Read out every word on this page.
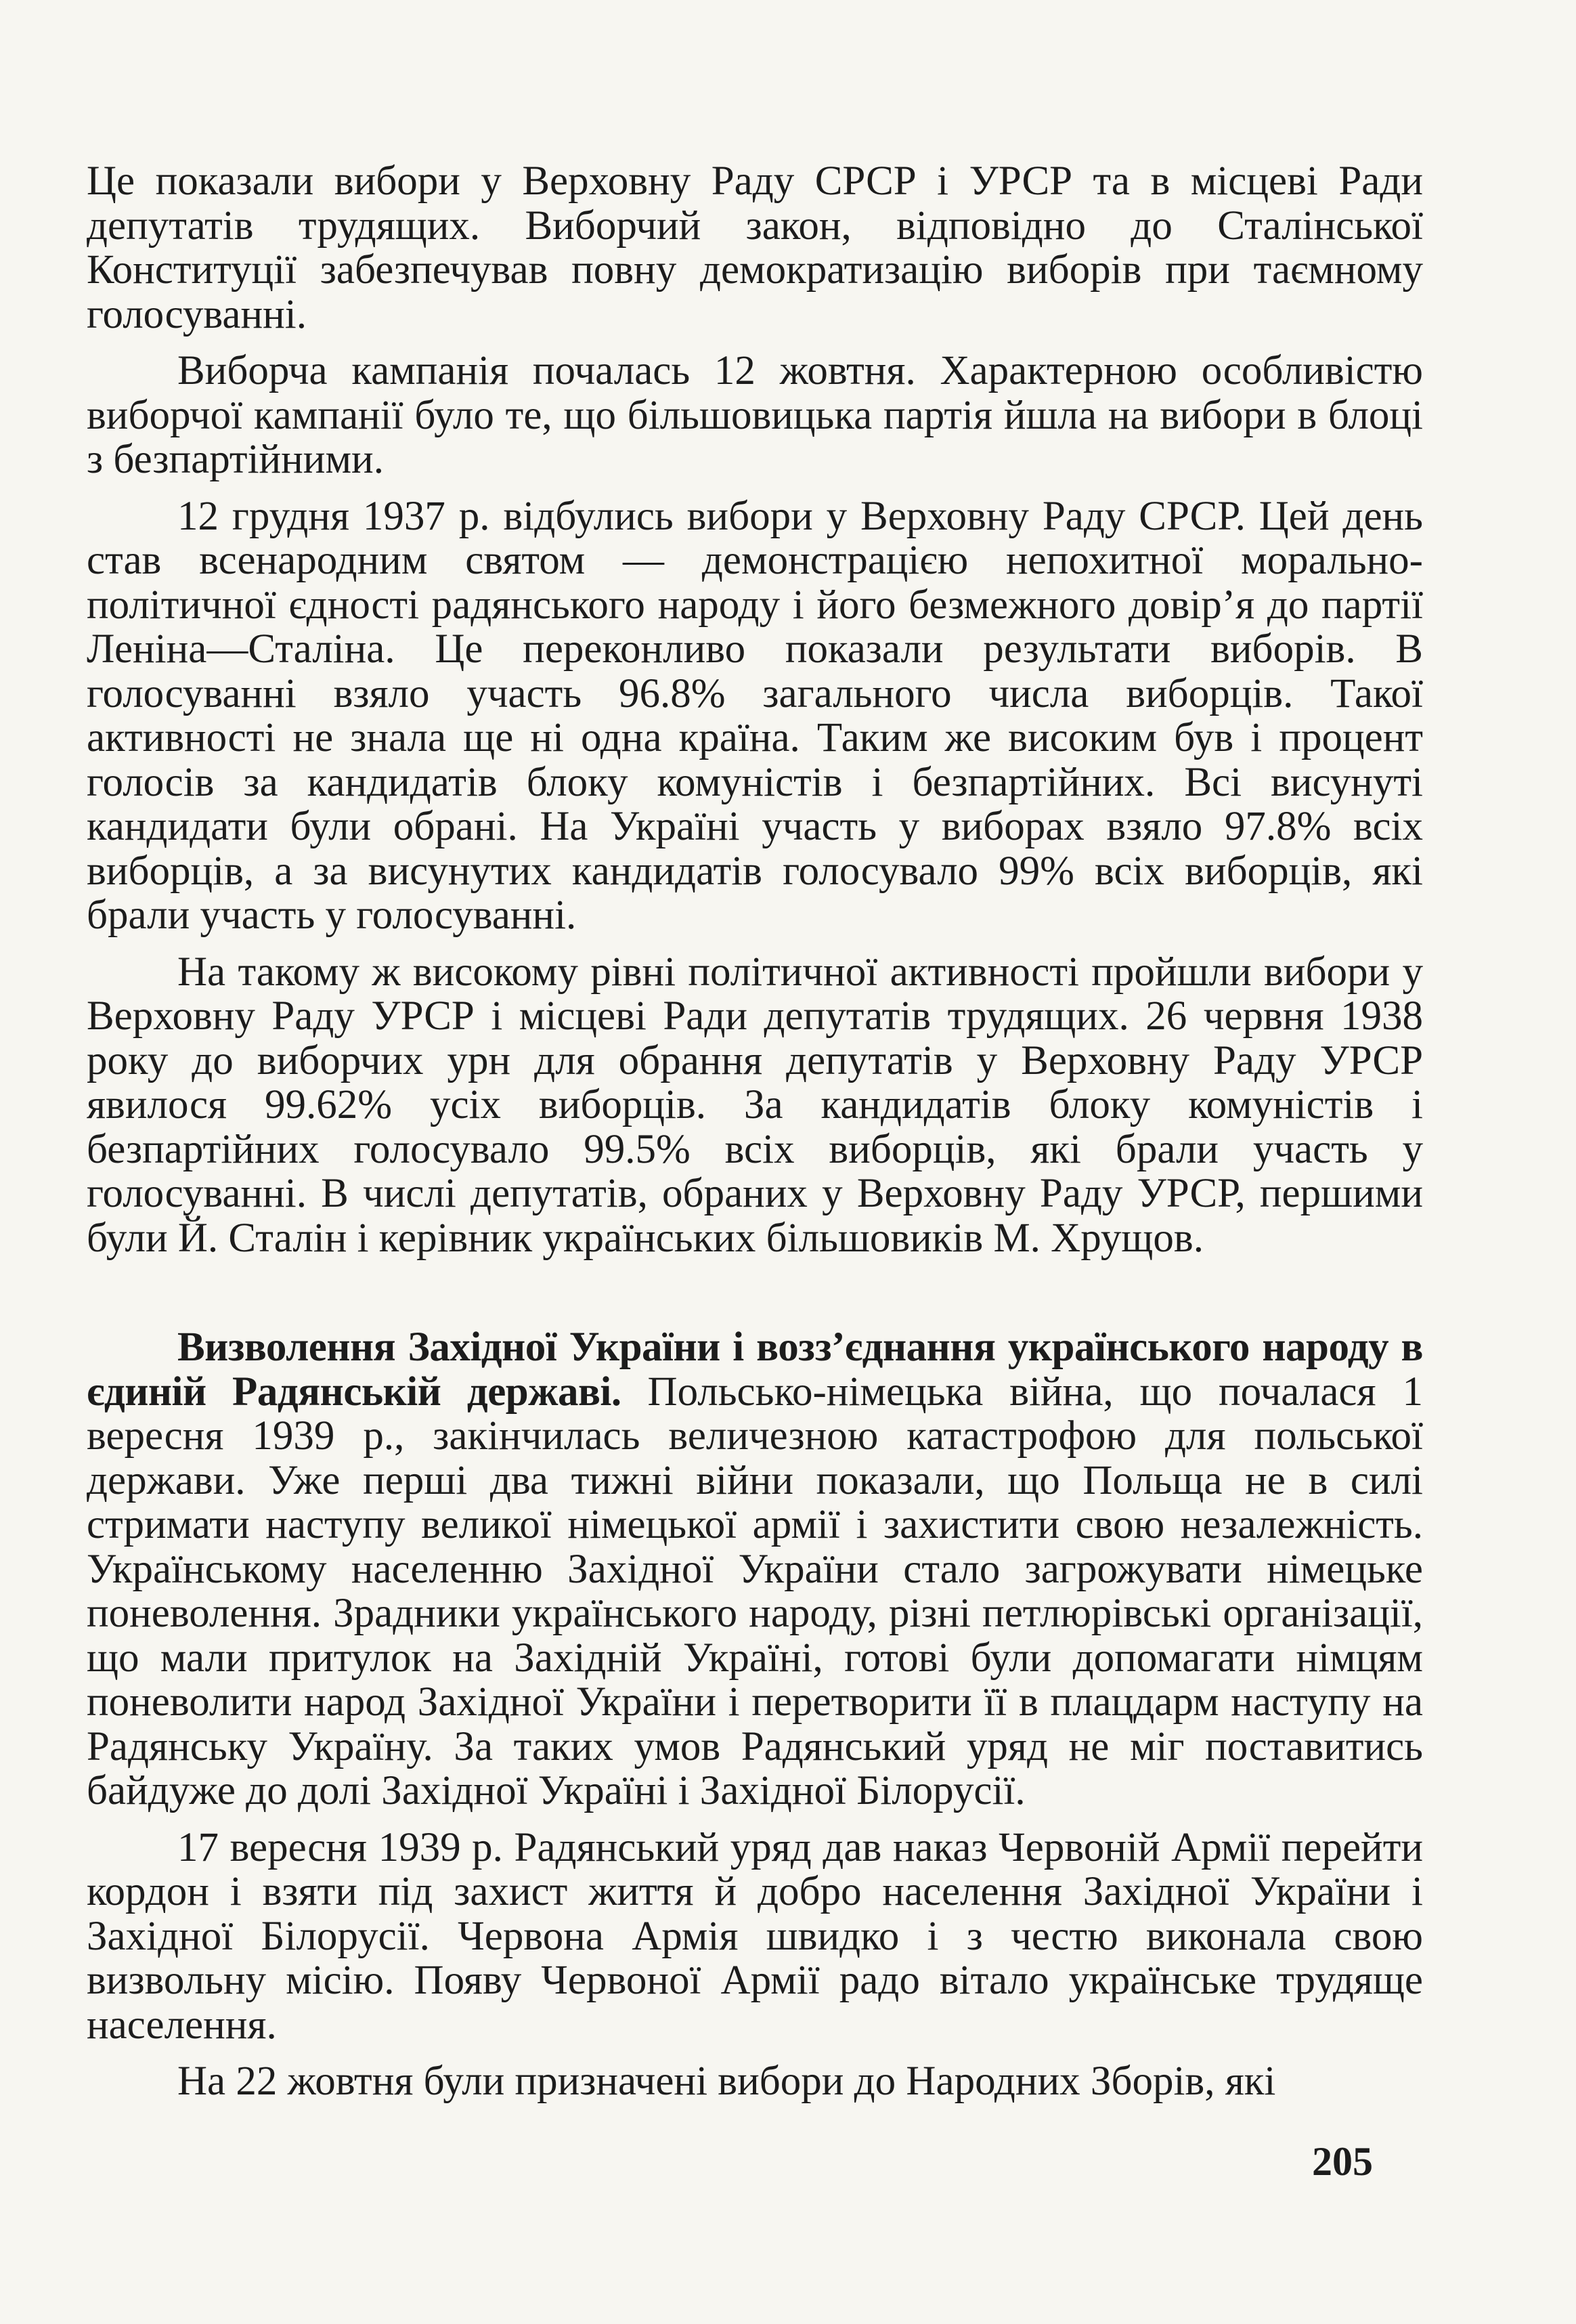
Це показали вибори у Верховну Раду СРСР і УРСР та в місцеві Ради депутатів трудящих. Виборчий закон, відповідно до Сталінської Конституції забезпечував повну демократизацію виборів при таємному голосуванні.

Виборча кампанія почалась 12 жовтня. Характерною особливістю виборчої кампанії було те, що більшовицька партія йшла на вибори в блоці з безпартійними.

12 грудня 1937 р. відбулись вибори у Верховну Раду СРСР. Цей день став всенародним святом — демонстрацією непохитної морально-політичної єдності радянського народу і його безмежного довір’я до партії Леніна—Сталіна. Це переконливо показали результати виборів. В голосуванні взяло участь 96.8% загального числа виборців. Такої активності не знала ще ні одна країна. Таким же високим був і процент голосів за кандидатів блоку комуністів і безпартійних. Всі висунуті кандидати були обрані. На Україні участь у виборах взяло 97.8% всіх виборців, а за висунутих кандидатів голосувало 99% всіх виборців, які брали участь у голосуванні.

На такому ж високому рівні політичної активності пройшли вибори у Верховну Раду УРСР і місцеві Ради депутатів трудящих. 26 червня 1938 року до виборчих урн для обрання депутатів у Верховну Раду УРСР явилося 99.62% усіх виборців. За кандидатів блоку комуністів і безпартійних голосувало 99.5% всіх виборців, які брали участь у голосуванні. В числі депутатів, обраних у Верховну Раду УРСР, першими були Й. Сталін і керівник українських більшовиків М. Хрущов.

Визволення Західної України і возз’єднання українського народу в єдиній Радянській державі. Польсько-німецька війна, що почалася 1 вересня 1939 р., закінчилась величезною катастрофою для польської держави. Уже перші два тижні війни показали, що Польща не в силі стримати наступу великої німецької армії і захистити свою незалежність. Українському населенню Західної України стало загрожувати німецьке поневолення. Зрадники українського народу, різні петлюрівські організації, що мали притулок на Західній Україні, готові були допомагати німцям поневолити народ Західної України і перетворити її в плацдарм наступу на Радянську Україну. За таких умов Радянський уряд не міг поставитись байдуже до долі Західної Україні і Західної Білорусії.

17 вересня 1939 р. Радянський уряд дав наказ Червоній Армії перейти кордон і взяти під захист життя й добро населення Західної України і Західної Білорусії. Червона Армія швидко і з честю виконала свою визвольну місію. Появу Червоної Армії радо вітало українське трудяще населення.

На 22 жовтня були призначені вибори до Народних Зборів, які

205
